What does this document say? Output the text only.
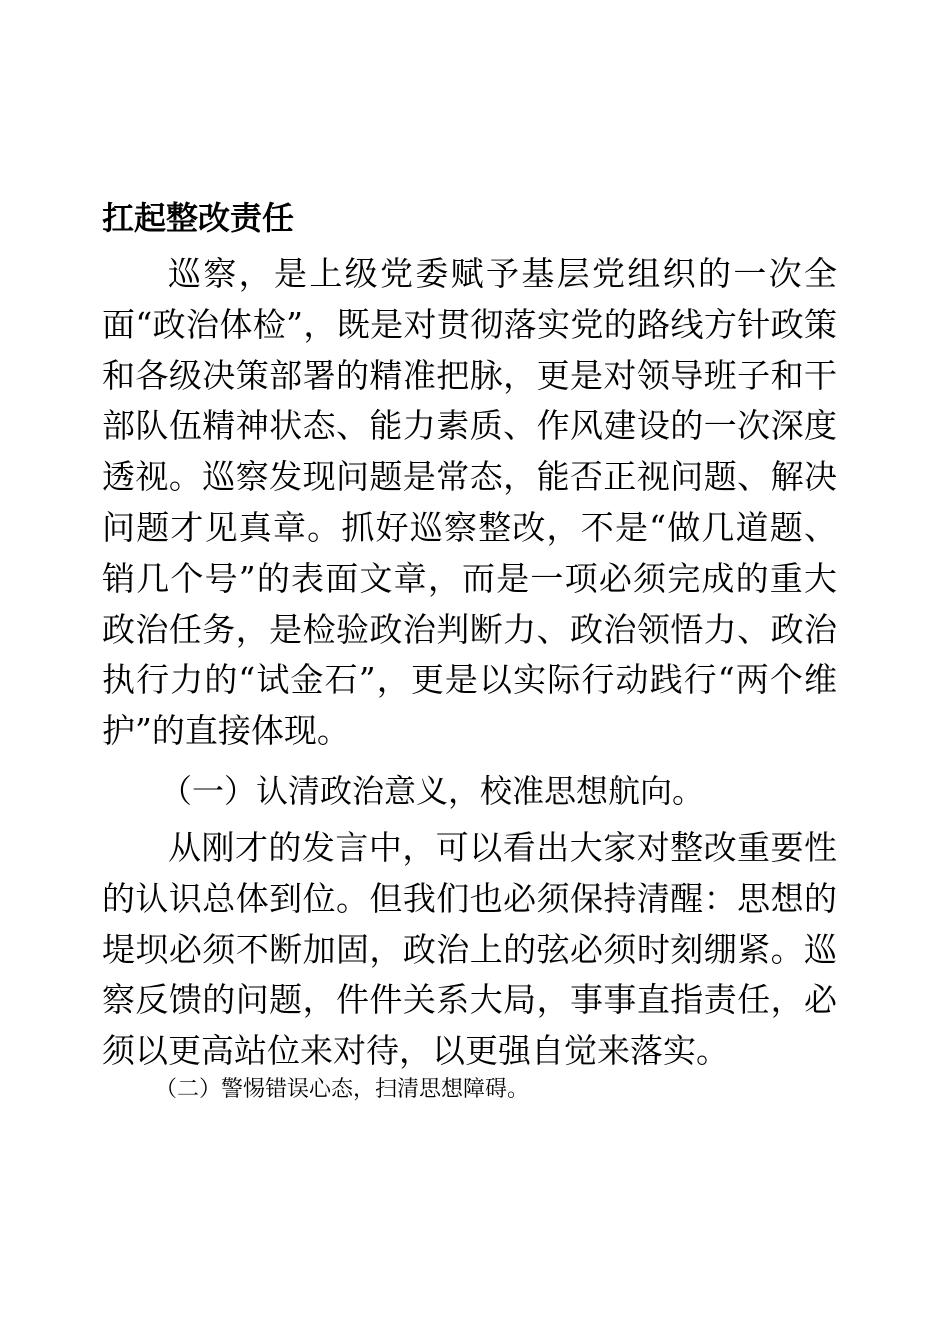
扛起整改责任

巡察，是上级党委赋予基层党组织的一次全面“政治体检”，既是对贯彻落实党的路线方针政策和各级决策部署的精准把脉，更是对领导班子和干部队伍精神状态、能力素质、作风建设的一次深度透视。巡察发现问题是常态，能否正视问题、解决问题才见真章。抓好巡察整改，不是“做几道题、销几个号”的表面文章，而是一项必须完成的重大政治任务，是检验政治判断力、政治领悟力、政治执行力的“试金石”，更是以实际行动践行“两个维护”的直接体现。

（一）认清政治意义，校准思想航向。

从刚才的发言中，可以看出大家对整改重要性的认识总体到位。但我们也必须保持清醒：思想的堤坝必须不断加固，政治上的弦必须时刻绷紧。巡察反馈的问题，件件关系大局，事事直指责任，必须以更高站位来对待，以更强自觉来落实。

（二）警惕错误心态，扫清思想障碍。
